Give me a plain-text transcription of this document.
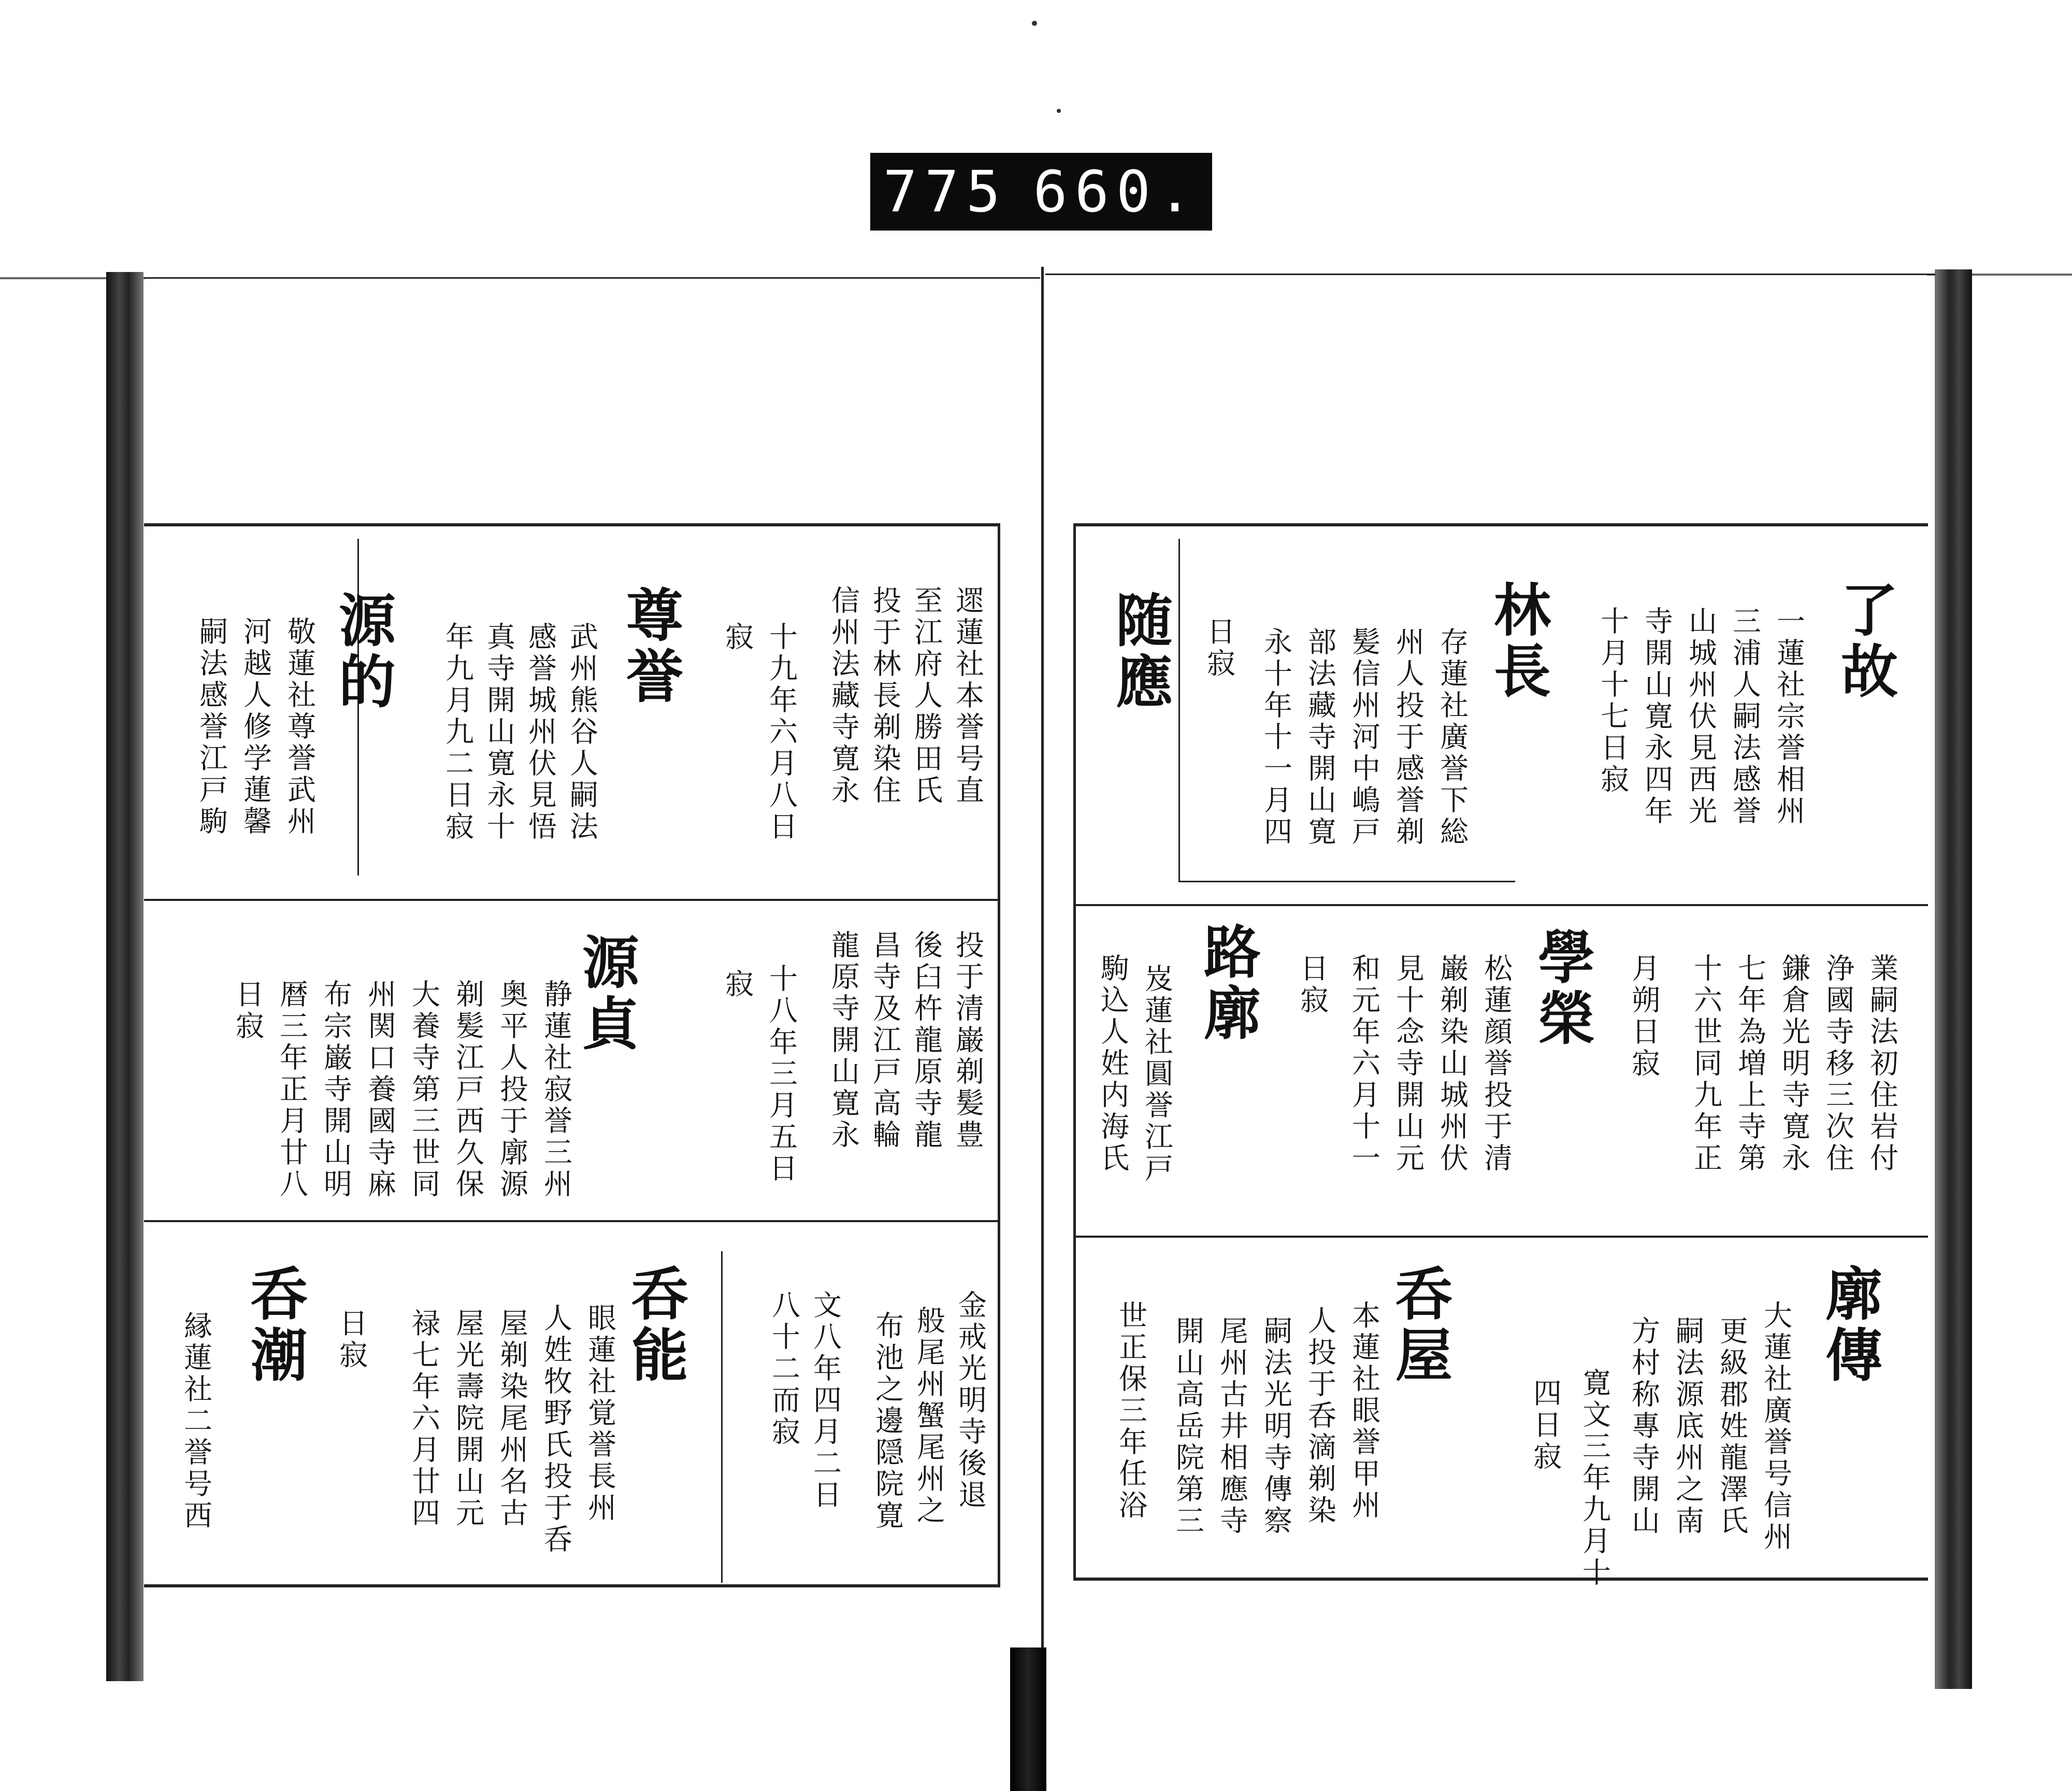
775 660.
遝蓮社本誉号直
至江府人勝田氏
投于林長剃染住
信州法藏寺寛永
十九年六月八日
寂
尊誉
武州熊谷人嗣法
感誉城州伏見悟
真寺開山寛永十
年九月九二日寂
源的
敬蓮社尊誉武州
河越人修学蓮馨
嗣法感誉江戸駒
投于清巌剃髪豊
後臼杵龍原寺龍
昌寺及江戸高輪
龍原寺開山寛永
十八年三月五日
寂
源貞
静蓮社寂誉三州
奥平人投于廓源
剃髪江戸西久保
大養寺第三世同
州関口養國寺麻
布宗巌寺開山明
暦三年正月廿八
日寂
金戒光明寺後退
般尾州蟹尾州之
布池之邊隠院寛
文八年四月二日
八十二而寂
呑能
眼蓮社覚誉長州
人姓牧野氏投于呑
屋剃染尾州名古
屋光壽院開山元
禄七年六月廿四
日寂
呑潮
縁蓮社二誉号西
了故
一蓮社宗誉相州
三浦人嗣法感誉
山城州伏見西光
寺開山寛永四年
十月十七日寂
林長
存蓮社廣誉下総
州人投于感誉剃
髪信州河中嶋戸
部法藏寺開山寛
永十年十一月四
日寂
随應
業嗣法初住岩付
浄國寺移三次住
鎌倉光明寺寛永
七年為増上寺第
十六世同九年正
月朔日寂
學榮
松蓮顔誉投于清
巌剃染山城州伏
見十念寺開山元
和元年六月十一
日寂
路廓
岌蓮社圓誉江戸
駒込人姓内海氏
廓傳
大蓮社廣誉号信州
更級郡姓龍澤氏
嗣法源底州之南
方村称專寺開山
寛文三年九月十
四日寂
呑屋
本蓮社眼誉甲州
人投于呑滴剃染
嗣法光明寺傳察
尾州古井相應寺
開山高岳院第三
世正保三年任浴
